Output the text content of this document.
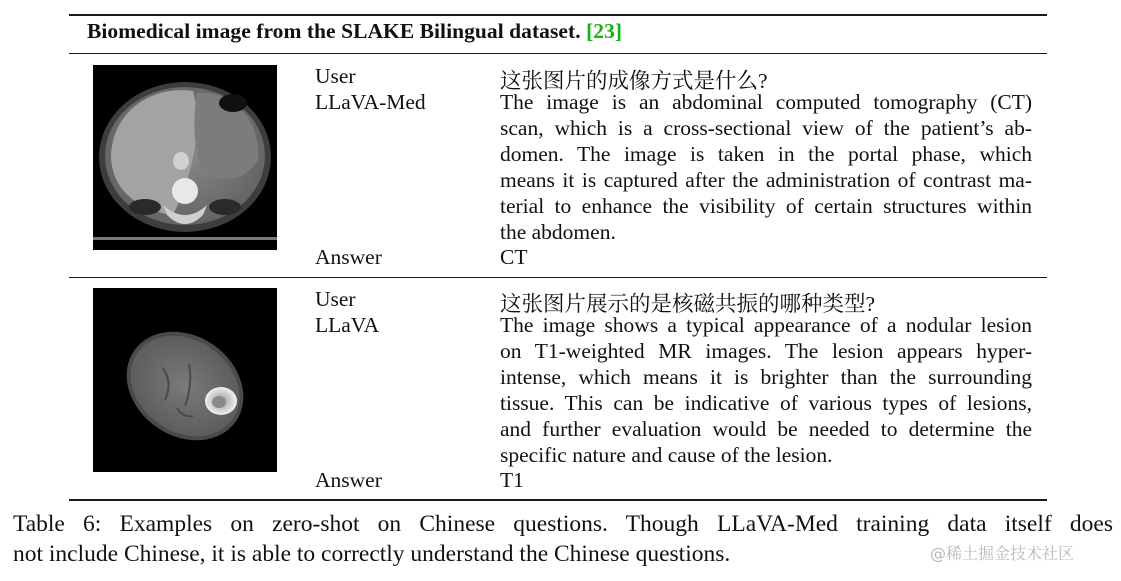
Biomedical image from the SLAKE Bilingual dataset. [23]
User
LLaVA-Med
Answer
这张图片的成像方式是什么?
The image is an abdominal computed tomography (CT)
scan, which is a cross-sectional view of the patient’s ab-
domen. The image is taken in the portal phase, which
means it is captured after the administration of contrast ma-
terial to enhance the visibility of certain structures within
the abdomen.
CT
User
LLaVA
Answer
这张图片展示的是核磁共振的哪种类型?
The image shows a typical appearance of a nodular lesion
on T1-weighted MR images. The lesion appears hyper-
intense, which means it is brighter than the surrounding
tissue. This can be indicative of various types of lesions,
and further evaluation would be needed to determine the
specific nature and cause of the lesion.
T1
Table 6: Examples on zero-shot on Chinese questions. Though LLaVA-Med training data itself does
not include Chinese, it is able to correctly understand the Chinese questions.	@稀土掘金技术社区
